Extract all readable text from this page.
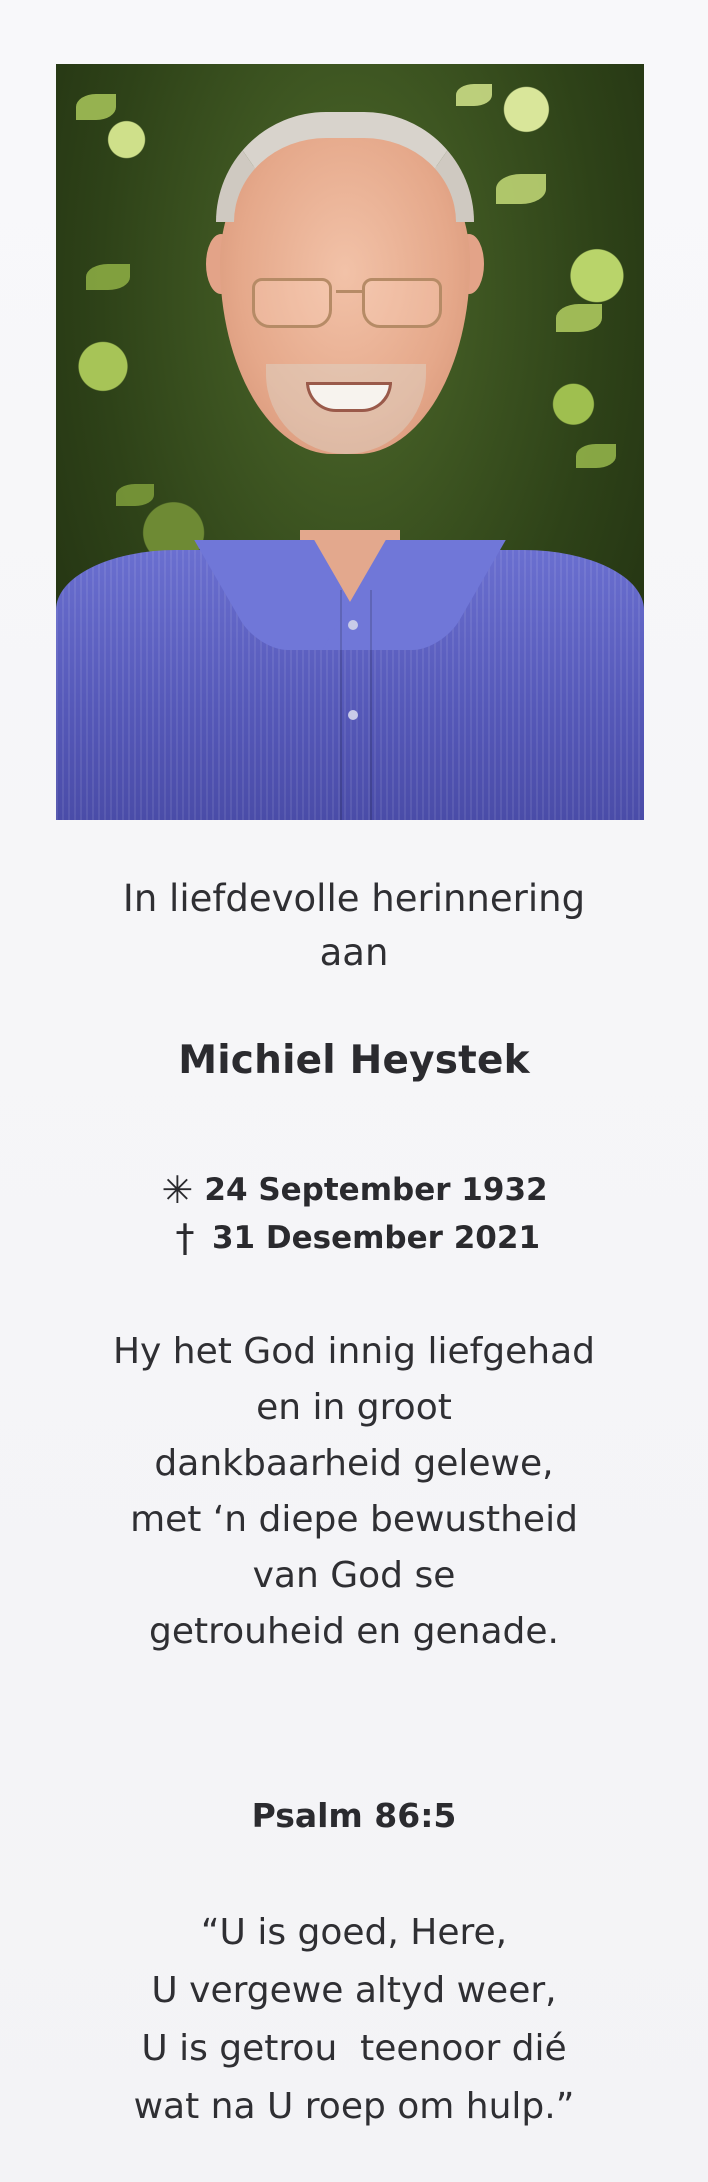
In liefdevolle herinnering
aan
Michiel Heystek
✳ 24 September 1932
† 31 Desember 2021
Hy het God innig liefgehad
en in groot
dankbaarheid gelewe,
met ‘n diepe bewustheid
van God se
getrouheid en genade.
Psalm 86:5
“U is goed, Here,
U vergewe altyd weer,
U is getrou  teenoor dié
wat na U roep om hulp.”
